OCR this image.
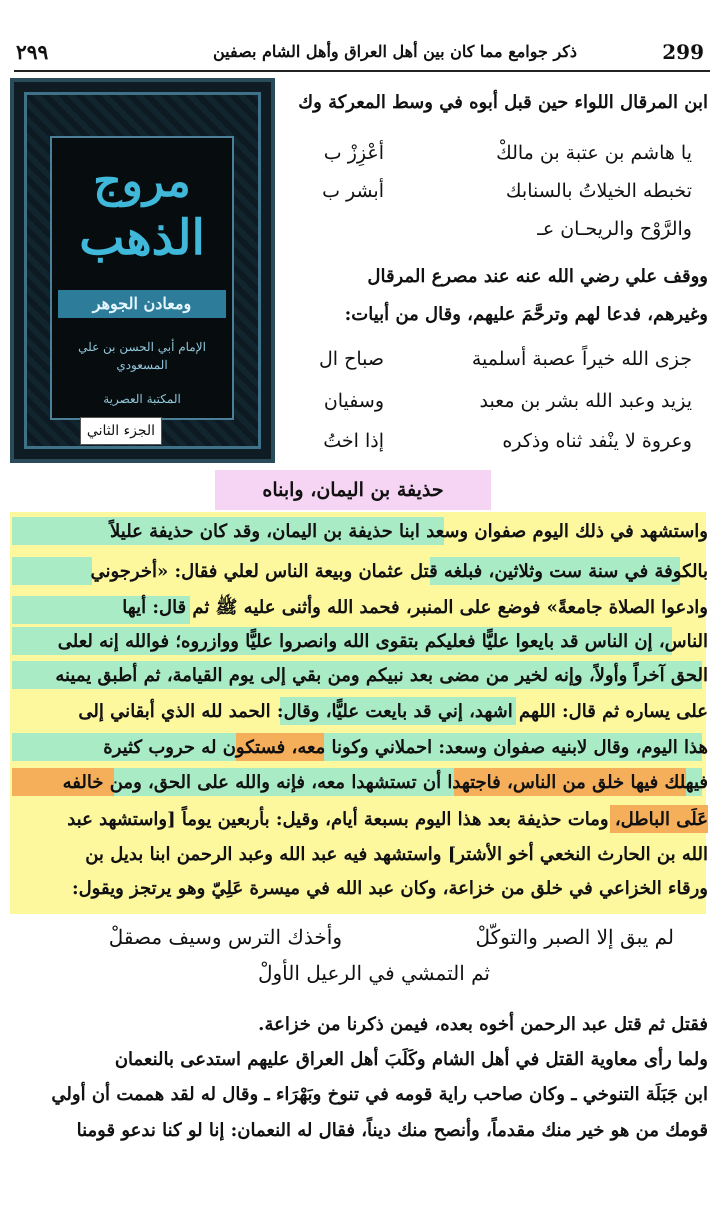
299
٢٩٩	ذكر جوامع مما كان بين أهل العراق وأهل الشام بصفين
ابن المرقال اللواء حين قبل أبوه في وسط المعركة وك
يا هاشم بن عتبة بن مالكْ
أعْزِزْ ب
تخبطه الخيلاتُ بالسنابك
أبشر ب
والرَّوْح والريحـان عـ
ووقف علي رضي الله عنه عند مصرع المرقال
وغيرهم، فدعا لهم وترحَّمَ عليهم، وقال من أبيات:
جزى الله خيراً عصبة أسلمية
صباح ال
يزيد وعبد الله بشر بن معبد
وسفيان
وعروة لا ينْفد ثناه وذكره
إذا اختُ
مروج
الذهب
ومعادن الجوهر
الإمام أبي الحسن بن علي
المسعودي
المكتبة العصرية
الجزء الثاني
حذيفة بن اليمان، وابناه
واستشهد في ذلك اليوم صفوان وسعد ابنا حذيفة بن اليمان، وقد كان حذيفة عليلاً
بالكوفة في سنة ست وثلاثين، فبلغه قتل عثمان وبيعة الناس لعلي فقال: «أخرجوني
وادعوا الصلاة جامعةً» فوضع على المنبر، فحمد الله وأثنى عليه ﷺ ثم قال: أيها
الناس، إن الناس قد بايعوا عليًّا فعليكم بتقوى الله وانصروا عليًّا ووازروه؛ فوالله إنه لعلى
الحق آخراً وأولاً، وإنه لخير من مضى بعد نبيكم ومن بقي إلى يوم القيامة، ثم أطبق يمينه
على يساره ثم قال: اللهم اشهد، إني قد بايعت عليًّا، وقال: الحمد لله الذي أبقاني إلى
هذا اليوم، وقال لابنيه صفوان وسعد: احملاني وكونا معه، فستكون له حروب كثيرة
فيهلك فيها خلق من الناس، فاجتهدا أن تستشهدا معه، فإنه والله على الحق، ومن خالفه
عَلَى الباطل، ومات حذيفة بعد هذا اليوم بسبعة أيام، وقيل: بأربعين يوماً [واستشهد عبد
الله بن الحارث النخعي أخو الأشتر] واستشهد فيه عبد الله وعبد الرحمن ابنا بديل بن
ورقاء الخزاعي في خلق من خزاعة، وكان عبد الله في ميسرة عَلِيّ وهو يرتجز ويقول:
لم يبق إلا الصبر والتوكّلْ
وأخذك الترس وسيف مصقلْ
ثم التمشي في الرعيل الأولْ
فقتل ثم قتل عبد الرحمن أخوه بعده، فيمن ذكرنا من خزاعة.
ولما رأى معاوية القتل في أهل الشام وكَلَبَ أهل العراق عليهم استدعى بالنعمان
ابن جَبَلَة التنوخي ـ وكان صاحب راية قومه في تنوخ وبَهْرَاء ـ وقال له لقد هممت أن أولي
قومك من هو خير منك مقدماً، وأنصح منك ديناً، فقال له النعمان: إنا لو كنا ندعو قومنا
